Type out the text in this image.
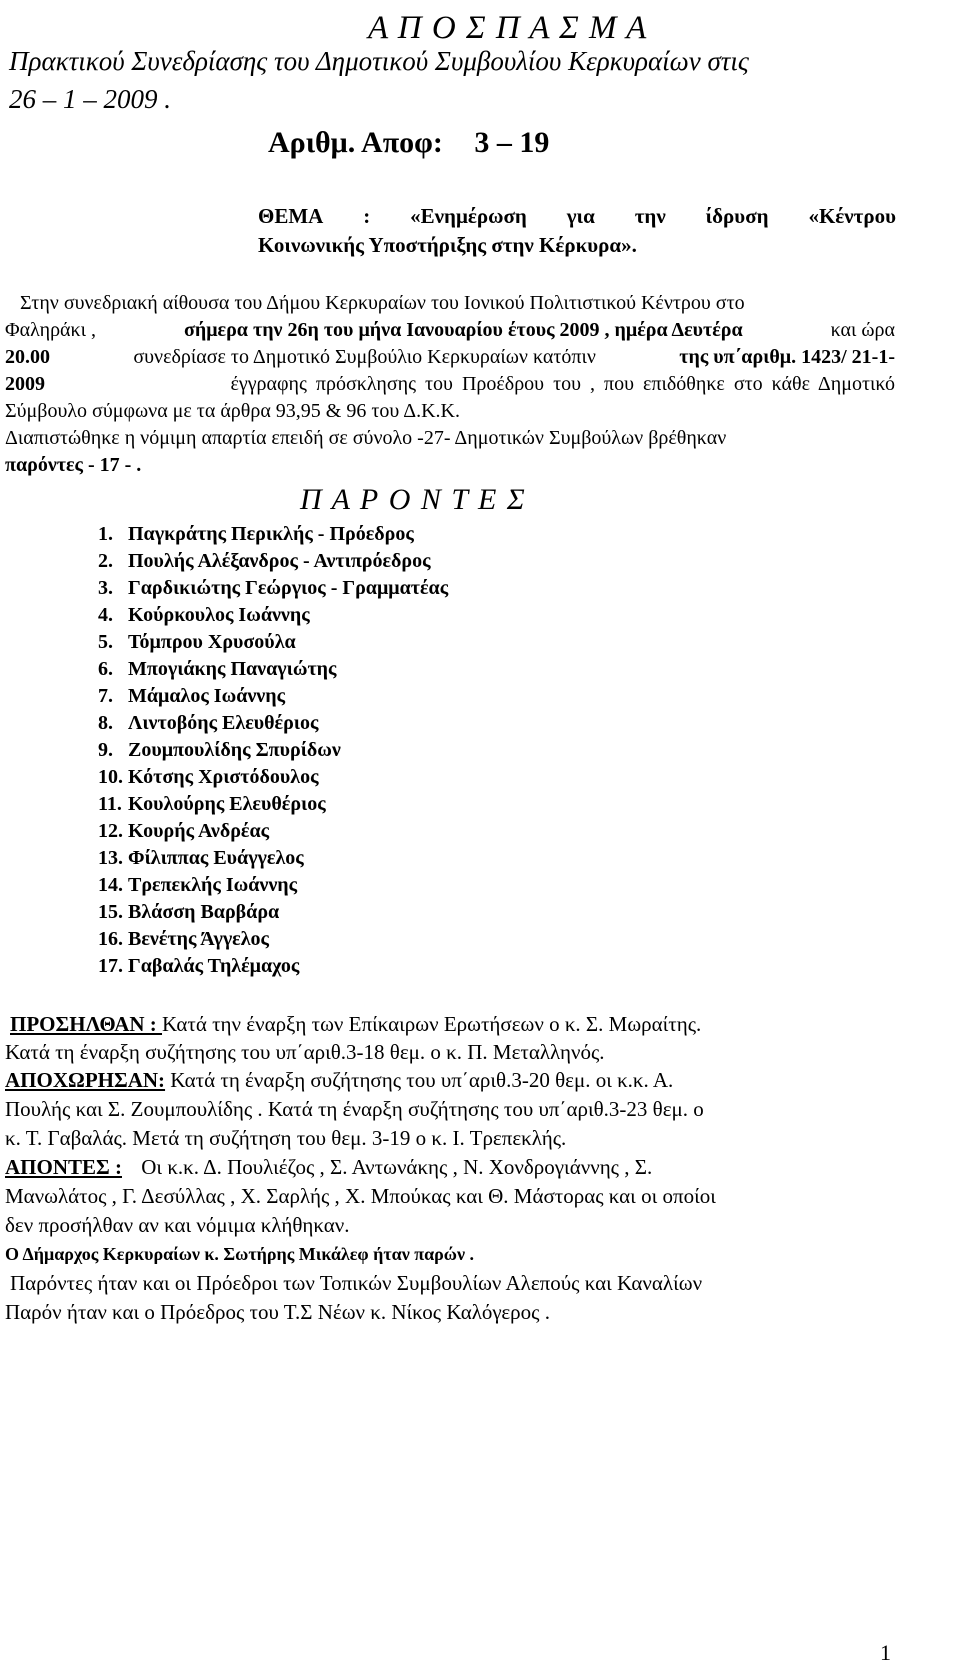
Α Π Ο Σ Π Α Σ Μ Α
Πρακτικού Συνεδρίασης του Δημοτικού Συμβουλίου Κερκυραίων στις
26 – 1 – 2009 .
Αριθμ. Αποφ: 3 – 19
ΘΕΜΑ : «Ενημέρωση για την ίδρυση «Κέντρου
Κοινωνικής Υποστήριξης στην Κέρκυρα».
Στην συνεδριακή αίθουσα του Δήμου Κερκυραίων του Ιονικού Πολιτιστικού Κέντρου στο
Φαληράκι ,	σήμερα την 26η του μήνα Ιανουαρίου έτους 2009 , ημέρα Δευτέρα	και ώρα
20.00	συνεδρίασε το Δημοτικό Συμβούλιο Κερκυραίων κατόπιν	της υπ΄αριθμ. 1423/ 21-1-
2009	έγγραφης πρόσκλησης του Προέδρου του , που επιδόθηκε στο κάθε Δημοτικό
Σύμβουλο σύμφωνα με τα άρθρα 93,95 & 96 του Δ.Κ.Κ.
Διαπιστώθηκε η νόμιμη απαρτία επειδή σε σύνολο -27- Δημοτικών Συμβούλων βρέθηκαν
παρόντες - 17 - .
Π Α Ρ Ο Ν Τ Ε Σ
1. Παγκράτης Περικλής - Πρόεδρος
2. Πουλής Αλέξανδρος - Αντιπρόεδρος
3. Γαρδικιώτης Γεώργιος - Γραμματέας
4. Κούρκουλος Ιωάννης
5. Τόμπρου Χρυσούλα
6. Μπογιάκης Παναγιώτης
7. Μάμαλος Ιωάννης
8. Λιντοβόης Ελευθέριος
9. Ζουμπουλίδης Σπυρίδων
10. Κότσης Χριστόδουλος
11. Κουλούρης Ελευθέριος
12. Κουρής Ανδρέας
13. Φίλιππας Ευάγγελος
14. Τρεπεκλής Ιωάννης
15. Βλάσση Βαρβάρα
16. Βενέτης Άγγελος
17. Γαβαλάς Τηλέμαχος
ΠΡΟΣΗΛΘΑΝ : Κατά την έναρξη των Επίκαιρων Ερωτήσεων ο κ. Σ. Μωραίτης.
Κατά τη έναρξη συζήτησης του υπ΄αριθ.3-18 θεμ. ο κ. Π. Μεταλληνός.
ΑΠΟΧΩΡΗΣΑΝ: Κατά τη έναρξη συζήτησης του υπ΄αριθ.3-20 θεμ. οι κ.κ. Α.
Πουλής και Σ. Ζουμπουλίδης . Κατά τη έναρξη συζήτησης του υπ΄αριθ.3-23 θεμ. ο
κ. Τ. Γαβαλάς. Μετά τη συζήτηση του θεμ. 3-19 ο κ. Ι. Τρεπεκλής.
ΑΠΟΝΤΕΣ : Οι κ.κ. Δ. Πουλιέζος , Σ. Αντωνάκης , Ν. Χονδρογιάννης , Σ.
Μανωλάτος , Γ. Δεσύλλας , Χ. Σαρλής , Χ. Μπούκας και Θ. Μάστορας και οι οποίοι
δεν προσήλθαν αν και νόμιμα κλήθηκαν.
Ο Δήμαρχος Κερκυραίων κ. Σωτήρης Μικάλεφ ήταν παρών .
Παρόντες ήταν και οι Πρόεδροι των Τοπικών Συμβουλίων Αλεπούς και Καναλίων
Παρόν ήταν και ο Πρόεδρος του Τ.Σ Νέων κ. Νίκος Καλόγερος .
1
